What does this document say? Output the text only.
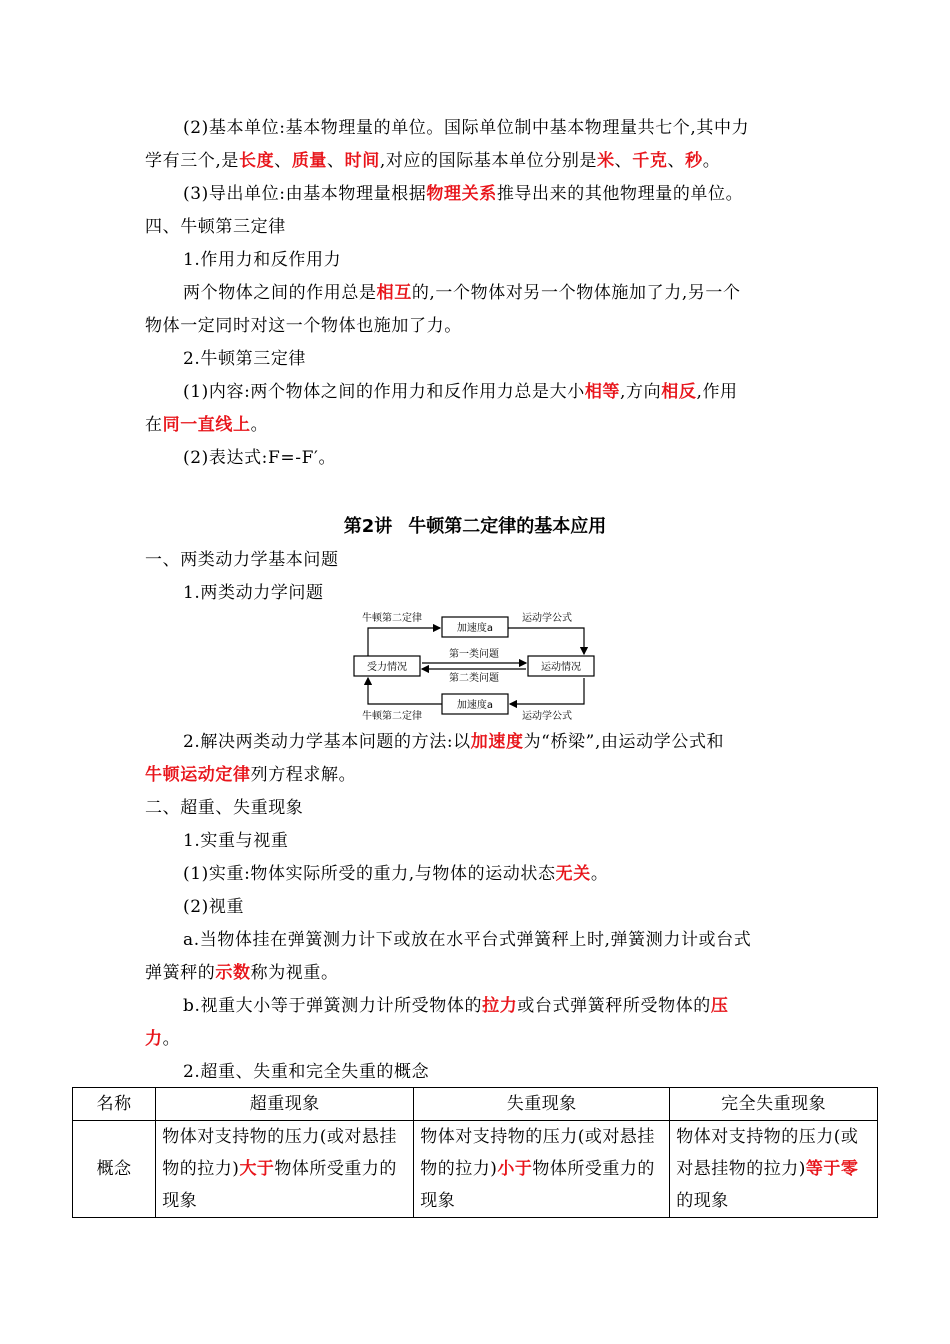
(2)基本单位:基本物理量的单位。国际单位制中基本物理量共七个,其中力
学有三个,是长度、质量、时间,对应的国际基本单位分别是米、千克、秒。
(3)导出单位:由基本物理量根据物理关系推导出来的其他物理量的单位。
四、牛顿第三定律
1.作用力和反作用力
两个物体之间的作用总是相互的,一个物体对另一个物体施加了力,另一个
物体一定同时对这一个物体也施加了力。
2.牛顿第三定律
(1)内容:两个物体之间的作用力和反作用力总是大小相等,方向相反,作用
在同一直线上。
(2)表达式:F=-F′。
第2讲 牛顿第二定律的基本应用
一、两类动力学基本问题
1.两类动力学问题
牛顿第二定律
加速度a
运动学公式
受力情况	运动情况
第一类问题
第二类问题
加速度a
牛顿第二定律	运动学公式
2.解决两类动力学基本问题的方法:以加速度为“桥梁”,由运动学公式和
牛顿运动定律列方程求解。
二、超重、失重现象
1.实重与视重
(1)实重:物体实际所受的重力,与物体的运动状态无关。
(2)视重
a.当物体挂在弹簧测力计下或放在水平台式弹簧秤上时,弹簧测力计或台式
弹簧秤的示数称为视重。
b.视重大小等于弹簧测力计所受物体的拉力或台式弹簧秤所受物体的压
力。
2.超重、失重和完全失重的概念
名称	超重现象	失重现象	完全失重现象
概念	物体对支持物的压力(或对悬挂物的拉力)大于物体所受重力的现象	物体对支持物的压力(或对悬挂物的拉力)小于物体所受重力的现象	物体对支持物的压力(或对悬挂物的拉力)等于零的现象
